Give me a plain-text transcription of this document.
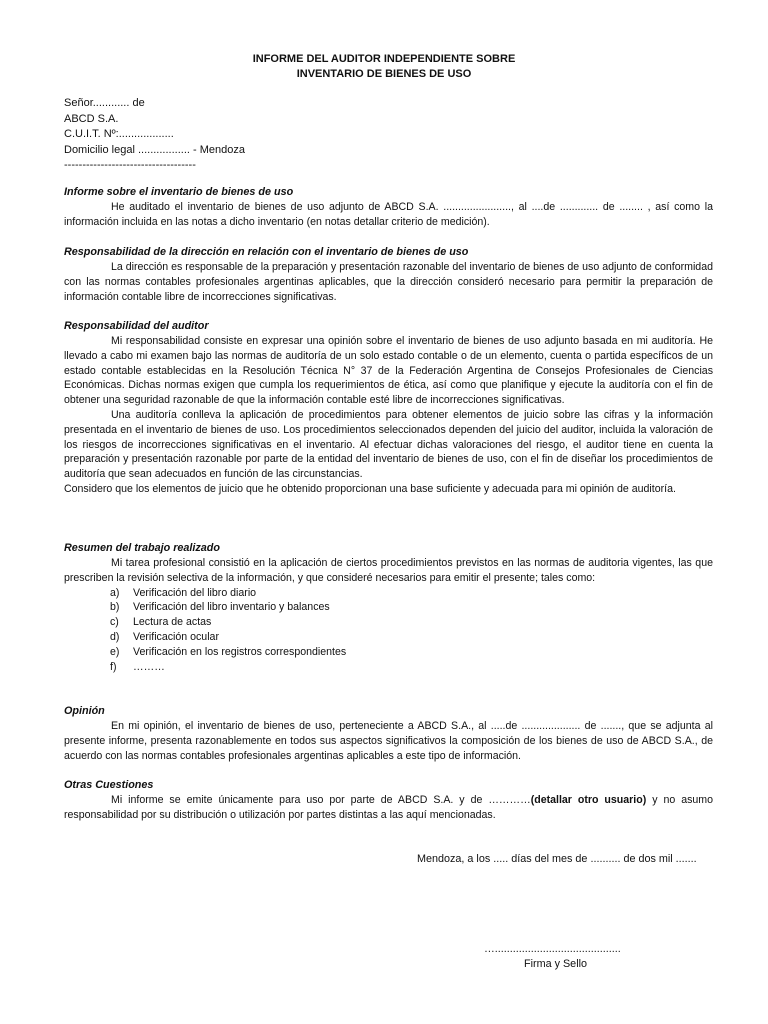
INFORME DEL AUDITOR INDEPENDIENTE SOBRE
INVENTARIO DE BIENES DE USO
Señor............ de
ABCD S.A.
C.U.I.T. Nº:..................
Domicilio legal ................. - Mendoza
------------------------------------
Informe sobre el inventario de bienes de uso

He auditado el inventario de bienes de uso adjunto de ABCD S.A. ......................., al ....de ............. de ........ , así como la información incluida en las notas a dicho inventario (en notas detallar criterio de medición).

Responsabilidad de la dirección en relación con el inventario de bienes de uso

La dirección es responsable de la preparación y presentación razonable del inventario de bienes de uso adjunto de conformidad con las normas contables profesionales argentinas aplicables, que la dirección consideró necesario para permitir la preparación de información contable libre de incorrecciones significativas.

Responsabilidad del auditor

Mi responsabilidad consiste en expresar una opinión sobre el inventario de bienes de uso adjunto basada en mi auditoría. He llevado a cabo mi examen bajo las normas de auditoría de un solo estado contable o de un elemento, cuenta o partida específicos de un estado contable establecidas en la Resolución Técnica N° 37 de la Federación Argentina de Consejos Profesionales de Ciencias Económicas. Dichas normas exigen que cumpla los requerimientos de ética, así como que planifique y ejecute la auditoría con el fin de obtener una seguridad razonable de que la información contable esté libre de incorrecciones significativas.

Una auditoría conlleva la aplicación de procedimientos para obtener elementos de juicio sobre las cifras y la información presentada en el inventario de bienes de uso. Los procedimientos seleccionados dependen del juicio del auditor, incluida la valoración de los riesgos de incorrecciones significativas en el inventario. Al efectuar dichas valoraciones del riesgo, el auditor tiene en cuenta la preparación y presentación razonable por parte de la entidad del inventario de bienes de uso, con el fin de diseñar los procedimientos de auditoría que sean adecuados en función de las circunstancias.

Considero que los elementos de juicio que he obtenido proporcionan una base suficiente y adecuada para mi opinión de auditoría.

Resumen del trabajo realizado

Mi tarea profesional consistió en la aplicación de ciertos procedimientos previstos en las normas de auditoria vigentes, las que prescriben la revisión selectiva de la información, y que consideré necesarios para emitir el presente; tales como:

a) Verificación del libro diario
b) Verificación del libro inventario y balances
c) Lectura de actas
d) Verificación ocular
e) Verificación en los registros correspondientes
f) ………
Opinión

En mi opinión, el inventario de bienes de uso, perteneciente a ABCD S.A., al .....de .................... de ......., que se adjunta al presente informe, presenta razonablemente en todos sus aspectos significativos la composición de los bienes de uso de ABCD S.A., de acuerdo con las normas contables profesionales argentinas aplicables a este tipo de información.

Otras Cuestiones

Mi informe se emite únicamente para uso por parte de ABCD S.A. y de …………(detallar otro usuario) y no asumo responsabilidad por su distribución o utilización por partes distintas a las aquí mencionadas.

Mendoza, a los ..... días del mes de .......... de dos mil .......
…..........................................
Firma y Sello
